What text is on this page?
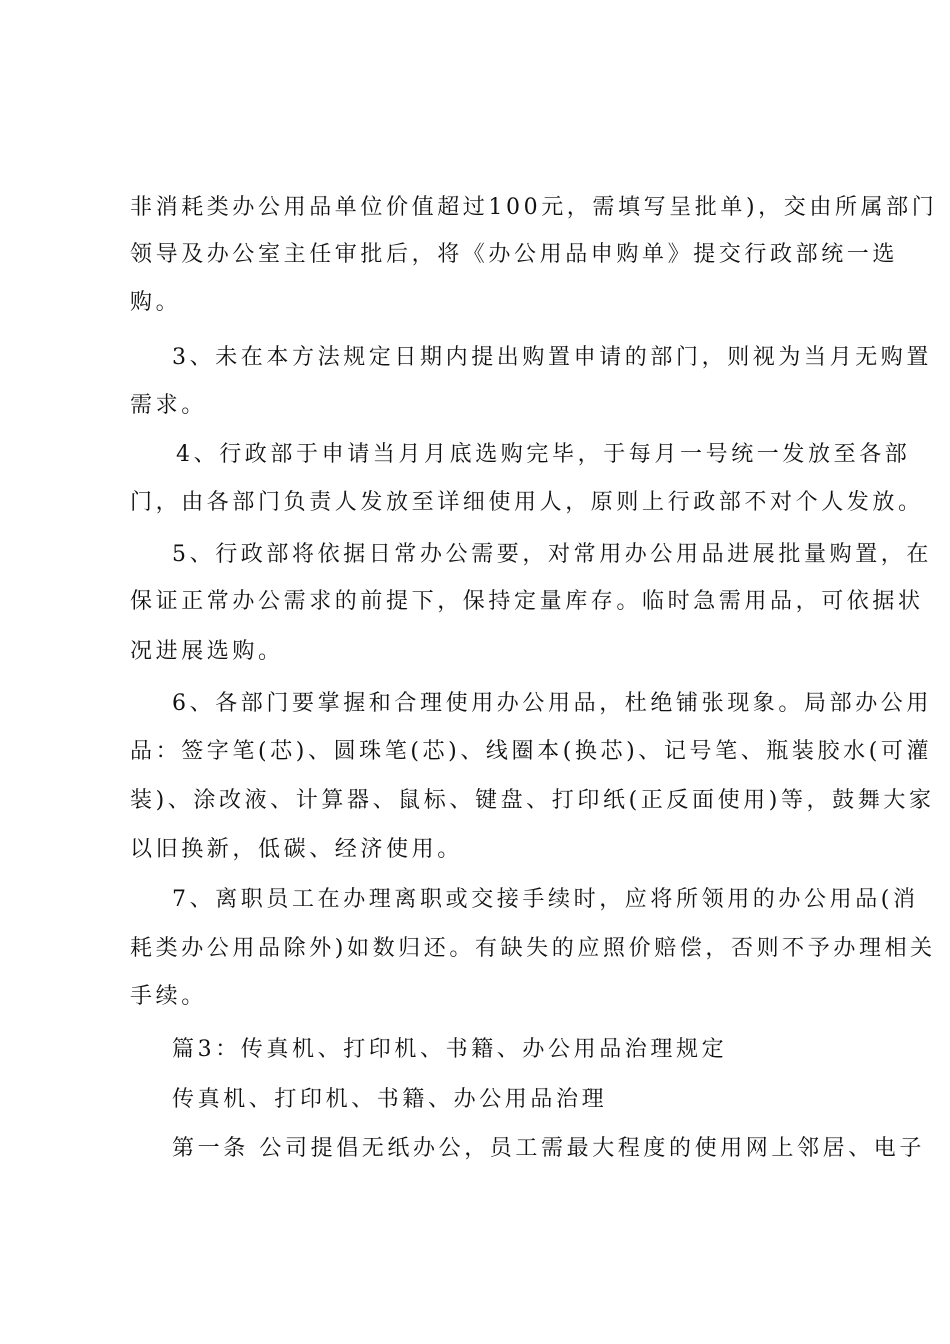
非消耗类办公用品单位价值超过100元，需填写呈批单)，交由所属部门
领导及办公室主任审批后，将《办公用品申购单》提交行政部统一选
购。
3、未在本方法规定日期内提出购置申请的部门，则视为当月无购置
需求。
4、行政部于申请当月月底选购完毕，于每月一号统一发放至各部
门，由各部门负责人发放至详细使用人，原则上行政部不对个人发放。
5、行政部将依据日常办公需要，对常用办公用品进展批量购置，在
保证正常办公需求的前提下，保持定量库存。临时急需用品，可依据状
况进展选购。
6、各部门要掌握和合理使用办公用品，杜绝铺张现象。局部办公用
品：签字笔(芯)、圆珠笔(芯)、线圈本(换芯)、记号笔、瓶装胶水(可灌
装)、涂改液、计算器、鼠标、键盘、打印纸(正反面使用)等，鼓舞大家
以旧换新，低碳、经济使用。
7、离职员工在办理离职或交接手续时，应将所领用的办公用品(消
耗类办公用品除外)如数归还。有缺失的应照价赔偿，否则不予办理相关
手续。
篇3：传真机、打印机、书籍、办公用品治理规定
传真机、打印机、书籍、办公用品治理
第一条 公司提倡无纸办公，员工需最大程度的使用网上邻居、电子
